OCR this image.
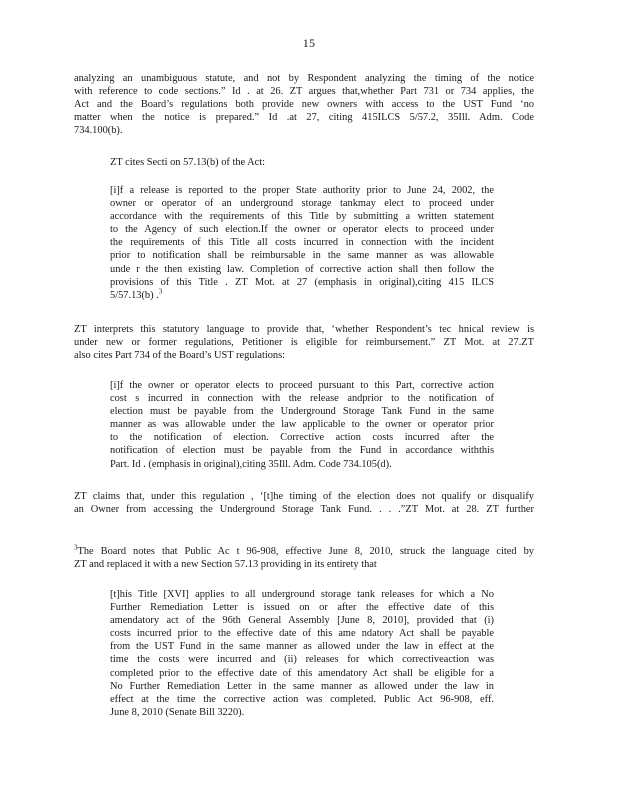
15
analyzing an unambiguous statute, and not by Respondent analyzing the timing of the notice
with reference to code sections.” Id . at 26. ZT argues that,whether Part 731 or 734 applies, the
Act and the Board’s regulations both provide new owners with access to the UST Fund ‘no
matter when the notice is prepared.” Id .at 27, citing 415ILCS 5/57.2, 35Ill. Adm. Code
734.100(b).
ZT cites Secti on 57.13(b) of the Act:
[i]f a release is reported to the proper State authority prior to June 24, 2002, the
owner or operator of an underground storage tankmay elect to proceed under
accordance with the requirements of this Title by submitting a written statement
to the Agency of such election.If the owner or operator elects to proceed under
the requirements of this Title all costs incurred in connection with the incident
prior to notification shall be reimbursable in the same manner as was allowable
unde r the then existing law. Completion of corrective action shall then follow the
provisions of this Title . ZT Mot. at 27 (emphasis in original),citing 415 ILCS
5/57.13(b) .$^3$
ZT interprets this statutory language to provide that, ‘whether Respondent’s tec hnical review is
under new or former regulations, Petitioner is eligible for reimbursement.” ZT Mot. at 27.ZT
also cites Part 734 of the Board’s UST regulations:
[i]f the owner or operator elects to proceed pursuant to this Part, corrective action
cost s incurred in connection with the release andprior to the notification of
election must be payable from the Underground Storage Tank Fund in the same
manner as was allowable under the law applicable to the owner or operator prior
to the notification of election. Corrective action costs incurred after the
notification of election must be payable from the Fund in accordance withthis
Part. Id . (emphasis in original),citing 35Ill. Adm. Code 734.105(d).
ZT claims that, under this regulation , ‘[t]he timing of the election does not qualify or disqualify
an Owner from accessing the Underground Storage Tank Fund. . . .”ZT Mot. at 28. ZT further
$^3$The Board notes that Public Ac t 96-908, effective June 8, 2010, struck the language cited by
ZT and replaced it with a new Section 57.13 providing in its entirety that
[t]his Title [XVI] applies to all underground storage tank releases for which a No
Further Remediation Letter is issued on or after the effective date of this
amendatory act of the 96th General Assembly [June 8, 2010], provided that (i)
costs incurred prior to the effective date of this ame ndatory Act shall be payable
from the UST Fund in the same manner as allowed under the law in effect at the
time the costs were incurred and (ii) releases for which correctiveaction was
completed prior to the effective date of this amendatory Act shall be eligible for a
No Further Remediation Letter in the same manner as allowed under the law in
effect at the time the corrective action was completed. Public Act 96-908, eff.
June 8, 2010 (Senate Bill 3220).
